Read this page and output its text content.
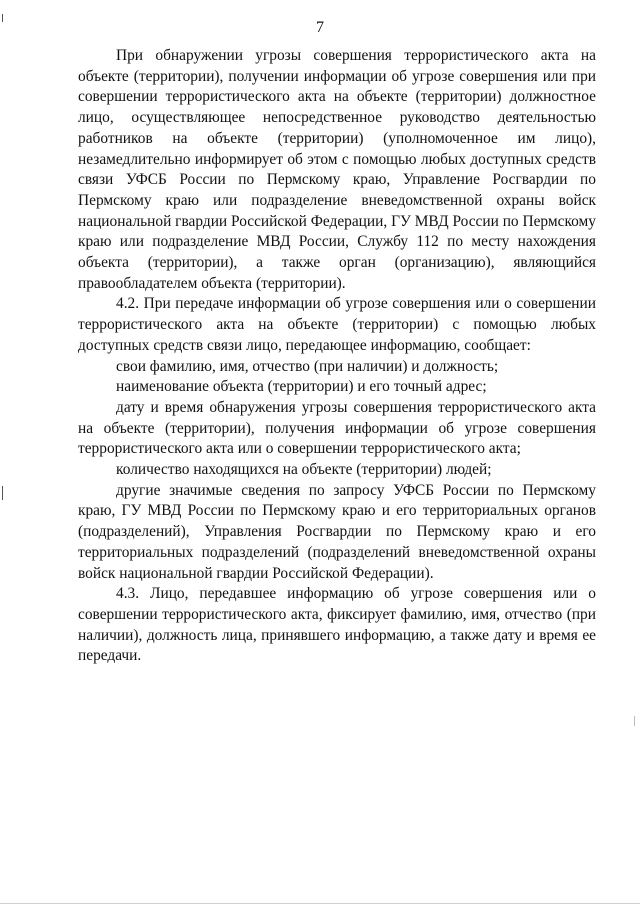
7

При обнаружении угрозы совершения террористического акта на объекте (территории), получении информации об угрозе совершения или при совершении террористического акта на объекте (территории) должностное лицо, осуществляющее непосредственное руководство деятельностью работников на объекте (территории) (уполномоченное им лицо), незамедлительно информирует об этом с помощью любых доступных средств связи УФСБ России по Пермскому краю, Управление Росгвардии по Пермскому краю или подразделение вневедомственной охраны войск национальной гвардии Российской Федерации, ГУ МВД России по Пермскому краю или подразделение МВД России, Службу 112 по месту нахождения объекта (территории), а также орган (организацию), являющийся правообладателем объекта (территории).

4.2. При передаче информации об угрозе совершения или о совершении террористического акта на объекте (территории) с помощью любых доступных средств связи лицо, передающее информацию, сообщает:

свои фамилию, имя, отчество (при наличии) и должность;

наименование объекта (территории) и его точный адрес;

дату и время обнаружения угрозы совершения террористического акта на объекте (территории), получения информации об угрозе совершения террористического акта или о совершении террористического акта;

количество находящихся на объекте (территории) людей;

другие значимые сведения по запросу УФСБ России по Пермскому краю, ГУ МВД России по Пермскому краю и его территориальных органов (подразделений), Управления Росгвардии по Пермскому краю и его территориальных подразделений (подразделений вневедомственной охраны войск национальной гвардии Российской Федерации).

4.3. Лицо, передавшее информацию об угрозе совершения или о совершении террористического акта, фиксирует фамилию, имя, отчество (при наличии), должность лица, принявшего информацию, а также дату и время ее передачи.
